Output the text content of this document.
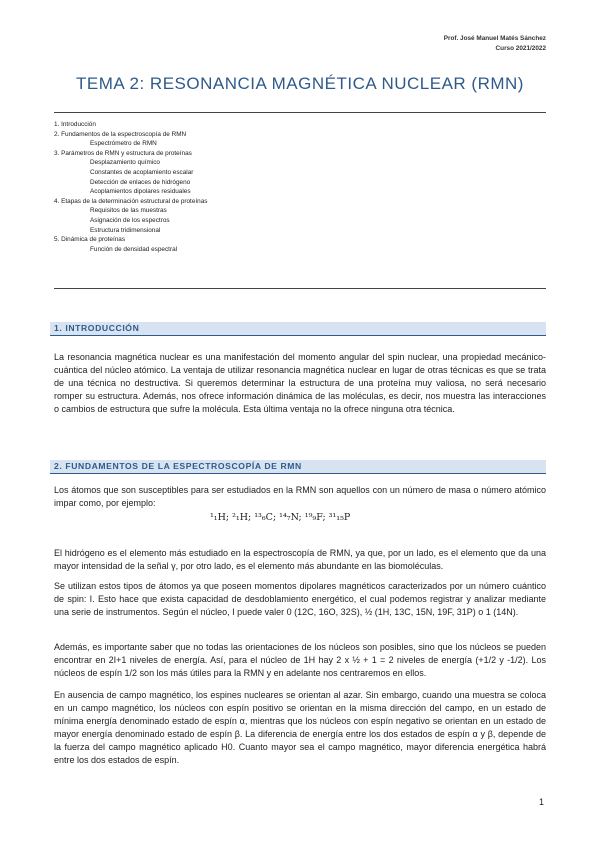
Prof. José Manuel Matés Sánchez
Curso 2021/2022
TEMA 2: RESONANCIA MAGNÉTICA NUCLEAR (RMN)
1. Introducción
2. Fundamentos de la espectroscopía de RMN
Espectrómetro de RMN
3. Parámetros de RMN y estructura de proteínas
Desplazamiento químico
Constantes de acoplamiento escalar
Detección de enlaces de hidrógeno
Acoplamientos dipolares residuales
4. Etapas de la determinación estructural de proteínas
Requisitos de las muestras
Asignación de los espectros
Estructura tridimensional
5. Dinámica de proteínas
Función de densidad espectral
1. INTRODUCCIÓN

La resonancia magnética nuclear es una manifestación del momento angular del spin nuclear, una propiedad mecánico-cuántica del núcleo atómico. La ventaja de utilizar resonancia magnética nuclear en lugar de otras técnicas es que se trata de una técnica no destructiva. Si queremos determinar la estructura de una proteína muy valiosa, no será necesario romper su estructura. Además, nos ofrece información dinámica de las moléculas, es decir, nos muestra las interacciones o cambios de estructura que sufre la molécula. Esta última ventaja no la ofrece ninguna otra técnica.

2. FUNDAMENTOS DE LA ESPECTROSCOPÍA DE RMN

Los átomos que son susceptibles para ser estudiados en la RMN son aquellos con un número de masa o número atómico impar como, por ejemplo:

¹₁H; ²₁H; ¹³₆C; ¹⁴₇N; ¹⁹₉F; ³¹₁₅P

El hidrógeno es el elemento más estudiado en la espectroscopía de RMN, ya que, por un lado, es el elemento que da una mayor intensidad de la señal γ, por otro lado, es el elemento más abundante en las biomoléculas.

Se utilizan estos tipos de átomos ya que poseen momentos dipolares magnéticos caracterizados por un número cuántico de spin: I. Esto hace que exista capacidad de desdoblamiento energético, el cual podemos registrar y analizar mediante una serie de instrumentos. Según el núcleo, I puede valer 0 (12C, 16O, 32S), ½ (1H, 13C, 15N, 19F, 31P) o 1 (14N).

Además, es importante saber que no todas las orientaciones de los núcleos son posibles, sino que los núcleos se pueden encontrar en 2I+1 niveles de energía. Así, para el núcleo de 1H hay 2 x ½ + 1 = 2 niveles de energía (+1/2 y -1/2). Los núcleos de espín 1/2 son los más útiles para la RMN y en adelante nos centraremos en ellos.

En ausencia de campo magnético, los espines nucleares se orientan al azar. Sin embargo, cuando una muestra se coloca en un campo magnético, los núcleos con espín positivo se orientan en la misma dirección del campo, en un estado de mínima energía denominado estado de espín α, mientras que los núcleos con espín negativo se orientan en un estado de mayor energía denominado estado de espín β. La diferencia de energía entre los dos estados de espín α y β, depende de la fuerza del campo magnético aplicado H0. Cuanto mayor sea el campo magnético, mayor diferencia energética habrá entre los dos estados de espín.

1
